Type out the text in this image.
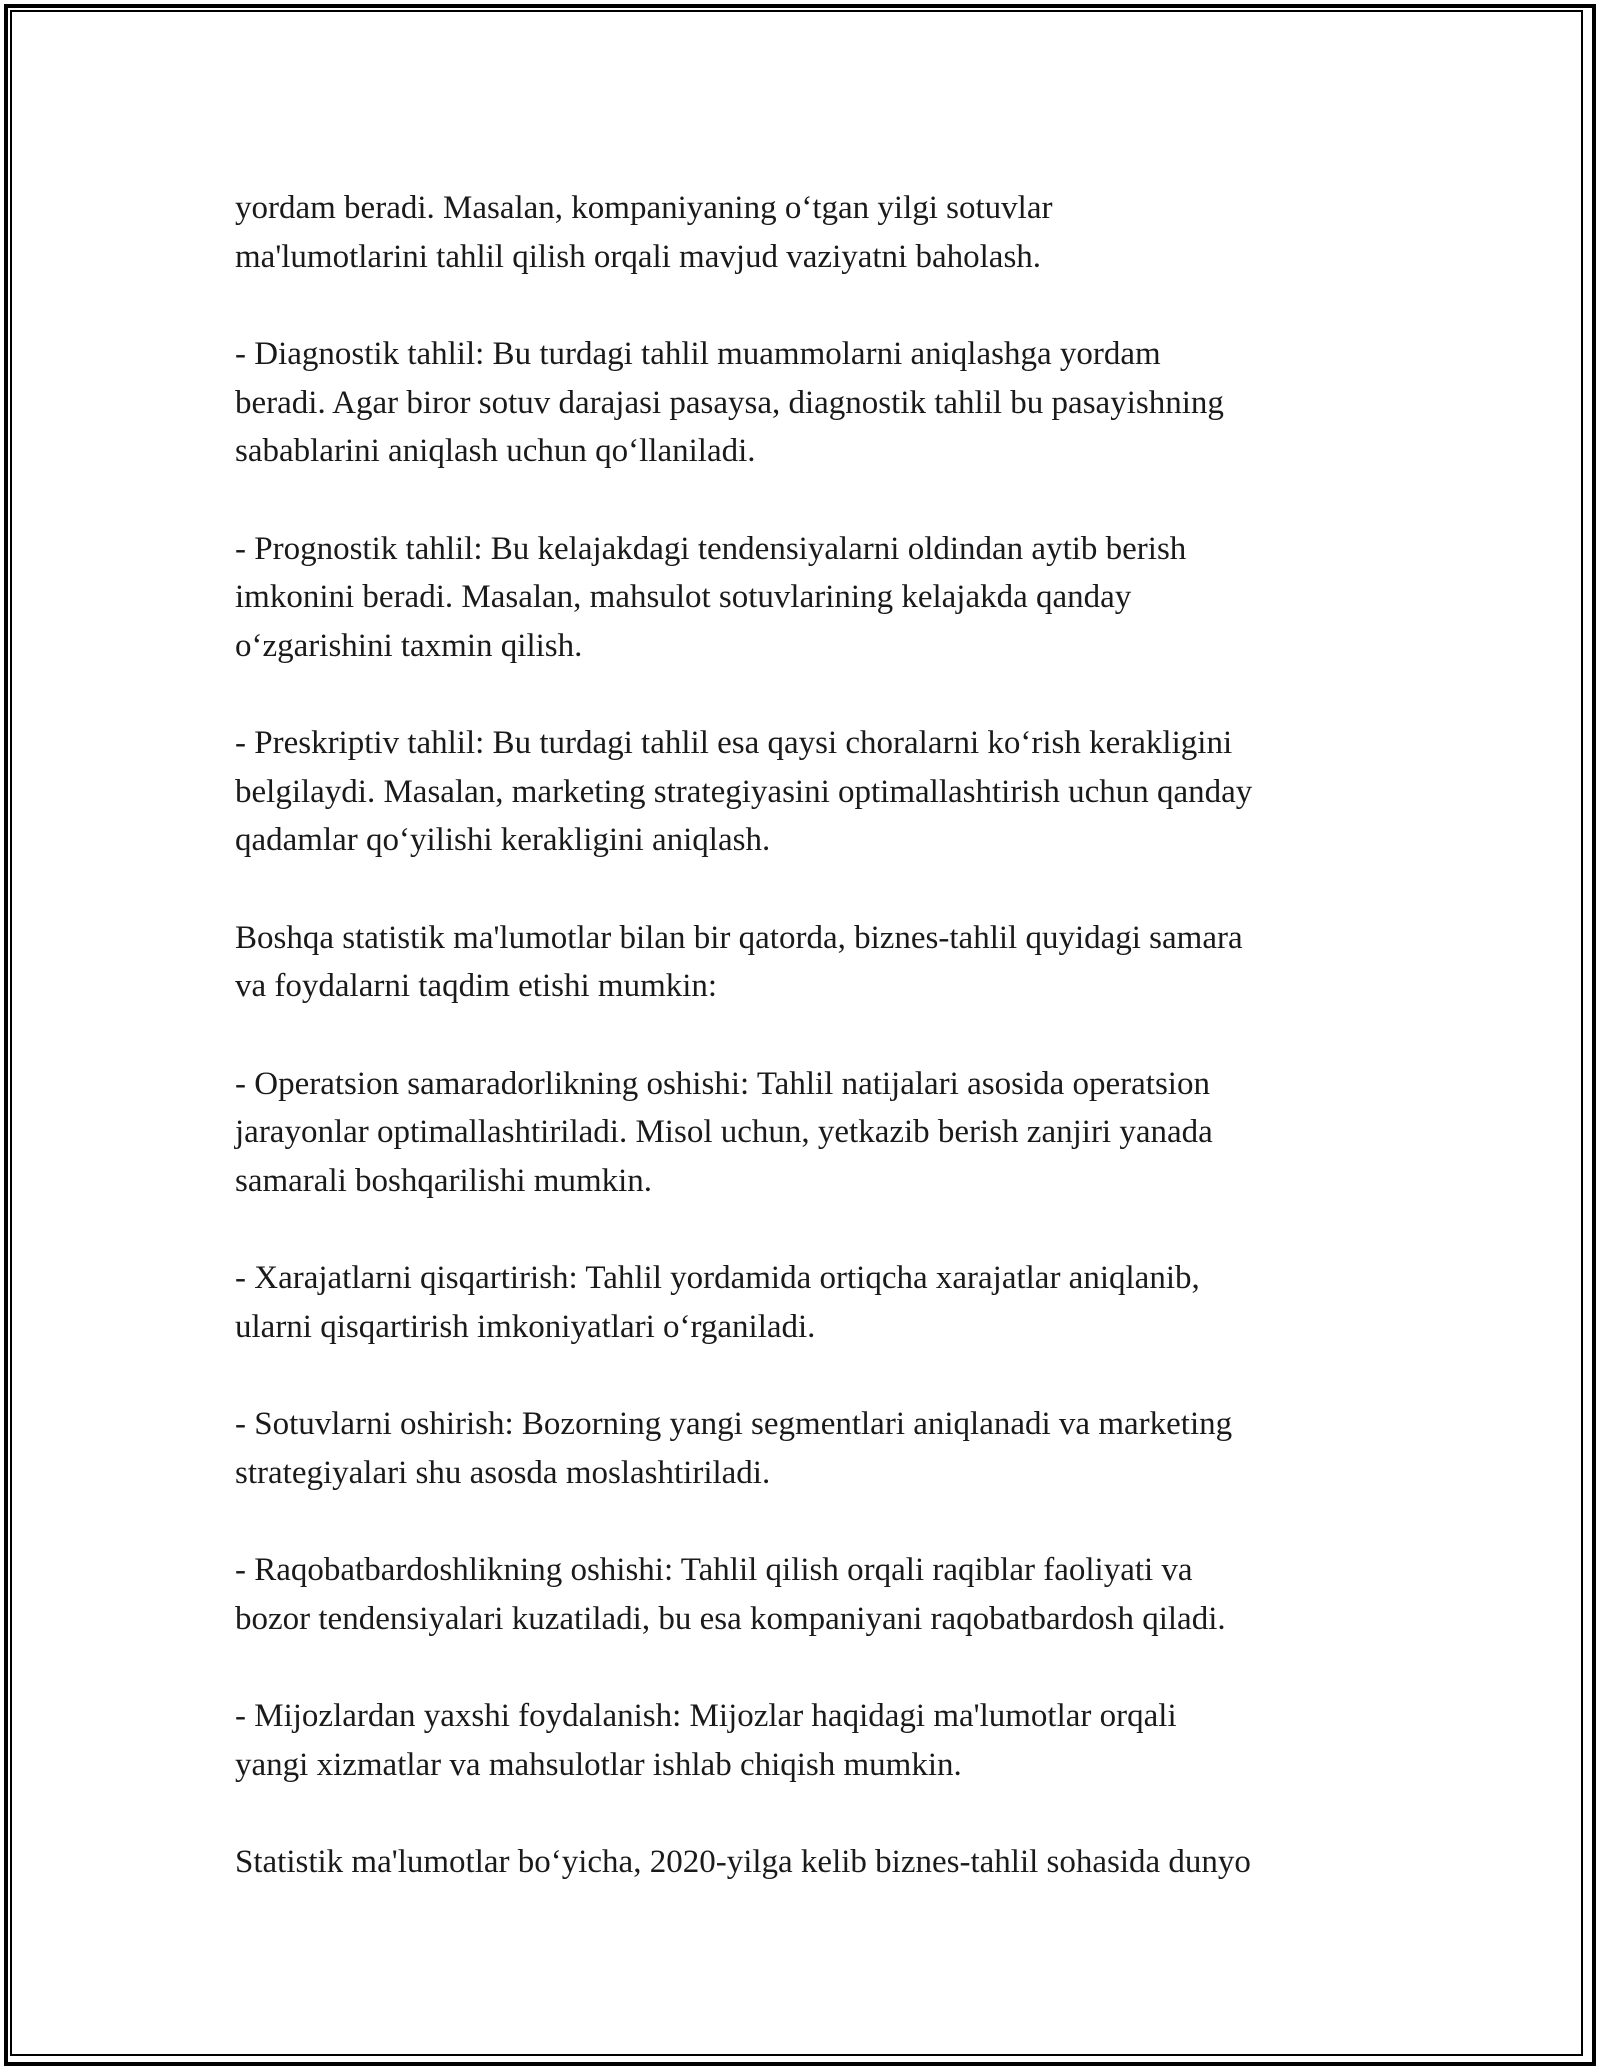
yordam beradi. Masalan, kompaniyaning o‘tgan yilgi sotuvlar
ma'lumotlarini tahlil qilish orqali mavjud vaziyatni baholash.

- Diagnostik tahlil: Bu turdagi tahlil muammolarni aniqlashga yordam
beradi. Agar biror sotuv darajasi pasaysa, diagnostik tahlil bu pasayishning
sabablarini aniqlash uchun qo‘llaniladi.

- Prognostik tahlil: Bu kelajakdagi tendensiyalarni oldindan aytib berish
imkonini beradi. Masalan, mahsulot sotuvlarining kelajakda qanday
o‘zgarishini taxmin qilish.

- Preskriptiv tahlil: Bu turdagi tahlil esa qaysi choralarni ko‘rish kerakligini
belgilaydi. Masalan, marketing strategiyasini optimallashtirish uchun qanday
qadamlar qo‘yilishi kerakligini aniqlash.

Boshqa statistik ma'lumotlar bilan bir qatorda, biznes-tahlil quyidagi samara
va foydalarni taqdim etishi mumkin:

- Operatsion samaradorlikning oshishi: Tahlil natijalari asosida operatsion
jarayonlar optimallashtiriladi. Misol uchun, yetkazib berish zanjiri yanada
samarali boshqarilishi mumkin.

- Xarajatlarni qisqartirish: Tahlil yordamida ortiqcha xarajatlar aniqlanib,
ularni qisqartirish imkoniyatlari o‘rganiladi.

- Sotuvlarni oshirish: Bozorning yangi segmentlari aniqlanadi va marketing
strategiyalari shu asosda moslashtiriladi.

- Raqobatbardoshlikning oshishi: Tahlil qilish orqali raqiblar faoliyati va
bozor tendensiyalari kuzatiladi, bu esa kompaniyani raqobatbardosh qiladi.

- Mijozlardan yaxshi foydalanish: Mijozlar haqidagi ma'lumotlar orqali
yangi xizmatlar va mahsulotlar ishlab chiqish mumkin.

Statistik ma'lumotlar bo‘yicha, 2020-yilga kelib biznes-tahlil sohasida dunyo
